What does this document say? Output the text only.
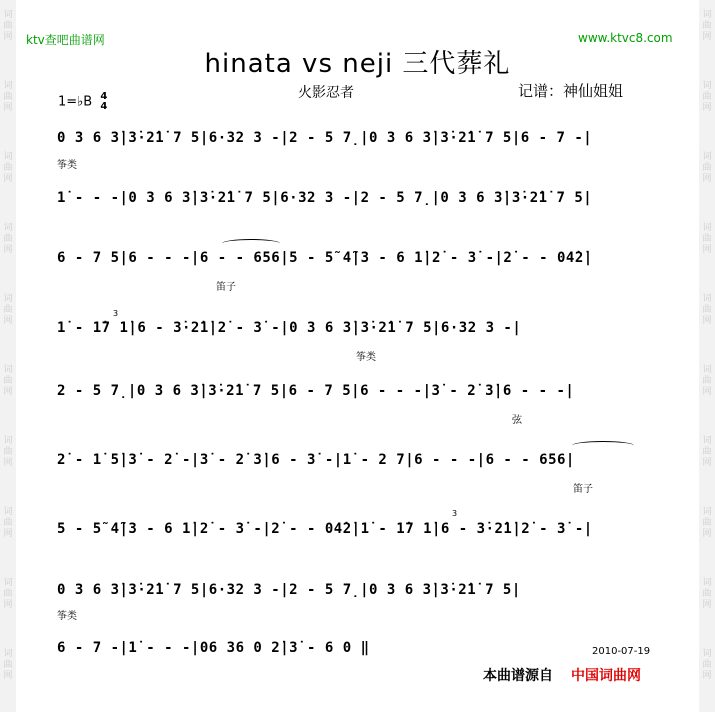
词
曲
网
词
曲
网
词
曲
网
词
曲
网
词
曲
网
词
曲
网
词
曲
网
词
曲
网
词
曲
网
词
曲
网
词
曲
网
词
曲
网
词
曲
网
词
曲
网
词
曲
网
词
曲
网
词
曲
网
词
曲
网
词
曲
网
词
曲
网
ktv查吧曲谱网	www.ktvc8.com
hinata vs neji 三代葬礼
火影忍者	记谱：神仙姐姐
1=♭B 4
4
0 3 6 3̇|3̇·2̇1̇ 7 5|6·32 3 -|2 - 5 7̣|0 3 6 3̇|3̇·2̇1̇ 7 5|6 - 7 -|
筝类
1̇ - - -|0 3 6 3̇|3̇·2̇1̇ 7 5|6·32 3 -|2 - 5 7̣|0 3 6 3̇|3̇·2̇1̇ 7 5|
6 - 7 5|6 - - -|6 - - 656|5 - 5̃ 4̃|3 - 6 1̇|2̇ - 3̇ -|2̇ - - 04̇2̇|
笛子
3
1̇ - 1̇7 1̇|6 - 3̇·2̇1̇|2̇ - 3̇ -|0 3 6 3̇|3̇·2̇1̇ 7 5|6·32 3 -|
筝类
2 - 5 7̣|0 3 6 3̇|3̇·2̇1̇ 7 5|6 - 7 5|6 - - -|3̇ - 2̇ 3̇|6 - - -|
弦
2̇ - 1̇ 5̇|3̇ - 2̇ -|3̇ - 2̇ 3̇|6 - 3̇ -|1̇ - 2 7|6 - - -|6 - - 656|
笛子
3
5 - 5̃ 4̃|3 - 6 1̇|2̇ - 3̇ -|2̇ - - 04̇2̇|1̇ - 1̇7 1̇|6 - 3̇·2̇1̇|2̇ - 3̇ -|
0 3 6 3̇|3̇·2̇1̇ 7 5|6·32 3 -|2 - 5 7̣|0 3 6 3̇|3̇·2̇1̇ 7 5|
筝类
6 - 7 -|1̇ - - -|06 36 0 2̇|3̇ - 6 0 ‖	2010-07-19
本曲谱源自 中国词曲网
